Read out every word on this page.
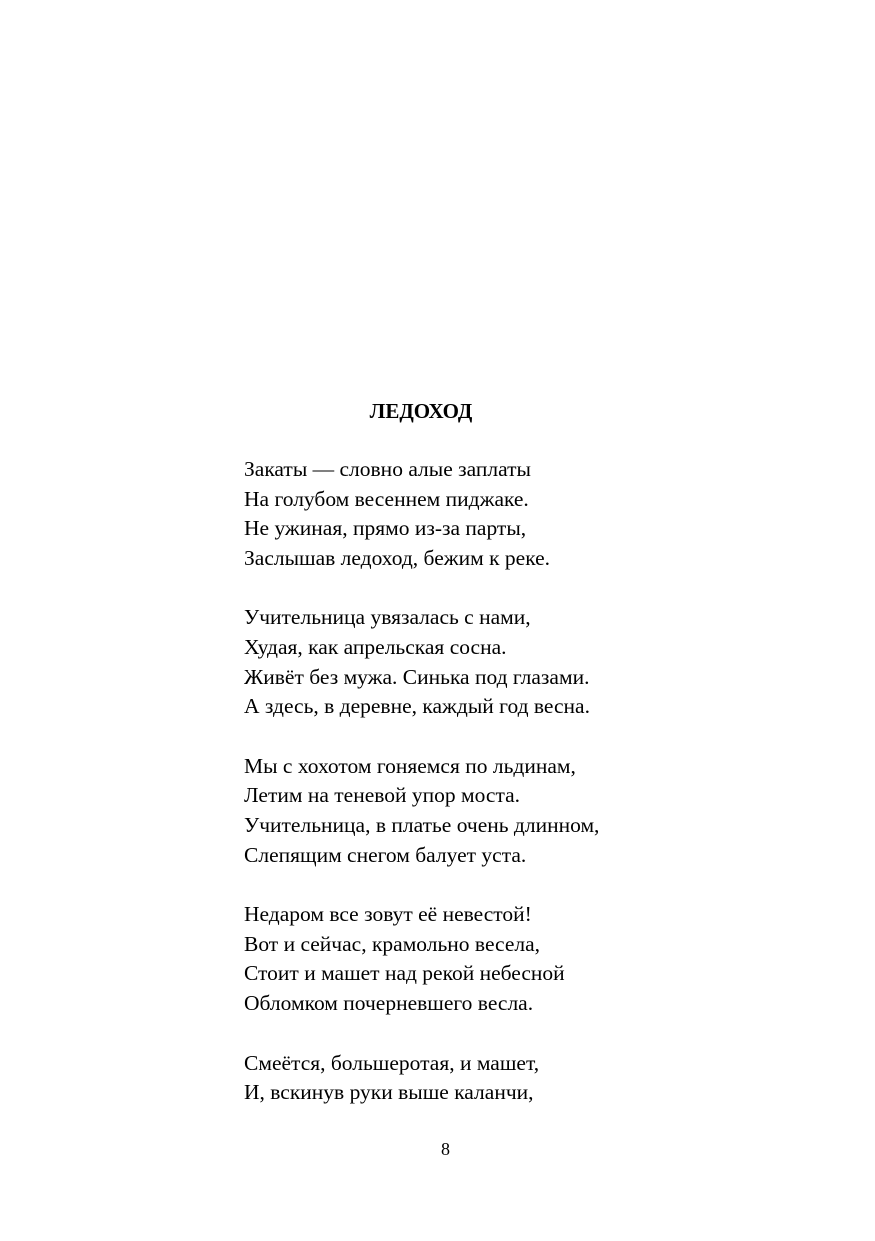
ЛЕДОХОД
Закаты — словно алые заплаты
На голубом весеннем пиджаке.
Не ужиная, прямо из-за парты,
Заслышав ледоход, бежим к реке.
Учительница увязалась с нами,
Худая, как апрельская сосна.
Живёт без мужа. Синька под глазами.
А здесь, в деревне, каждый год весна.
Мы с хохотом гоняемся по льдинам,
Летим на теневой упор моста.
Учительница, в платье очень длинном,
Слепящим снегом балует уста.
Недаром все зовут её невестой!
Вот и сейчас, крамольно весела,
Стоит и машет над рекой небесной
Обломком почерневшего весла.
Смеётся, большеротая, и машет,
И, вскинув руки выше каланчи,
8
